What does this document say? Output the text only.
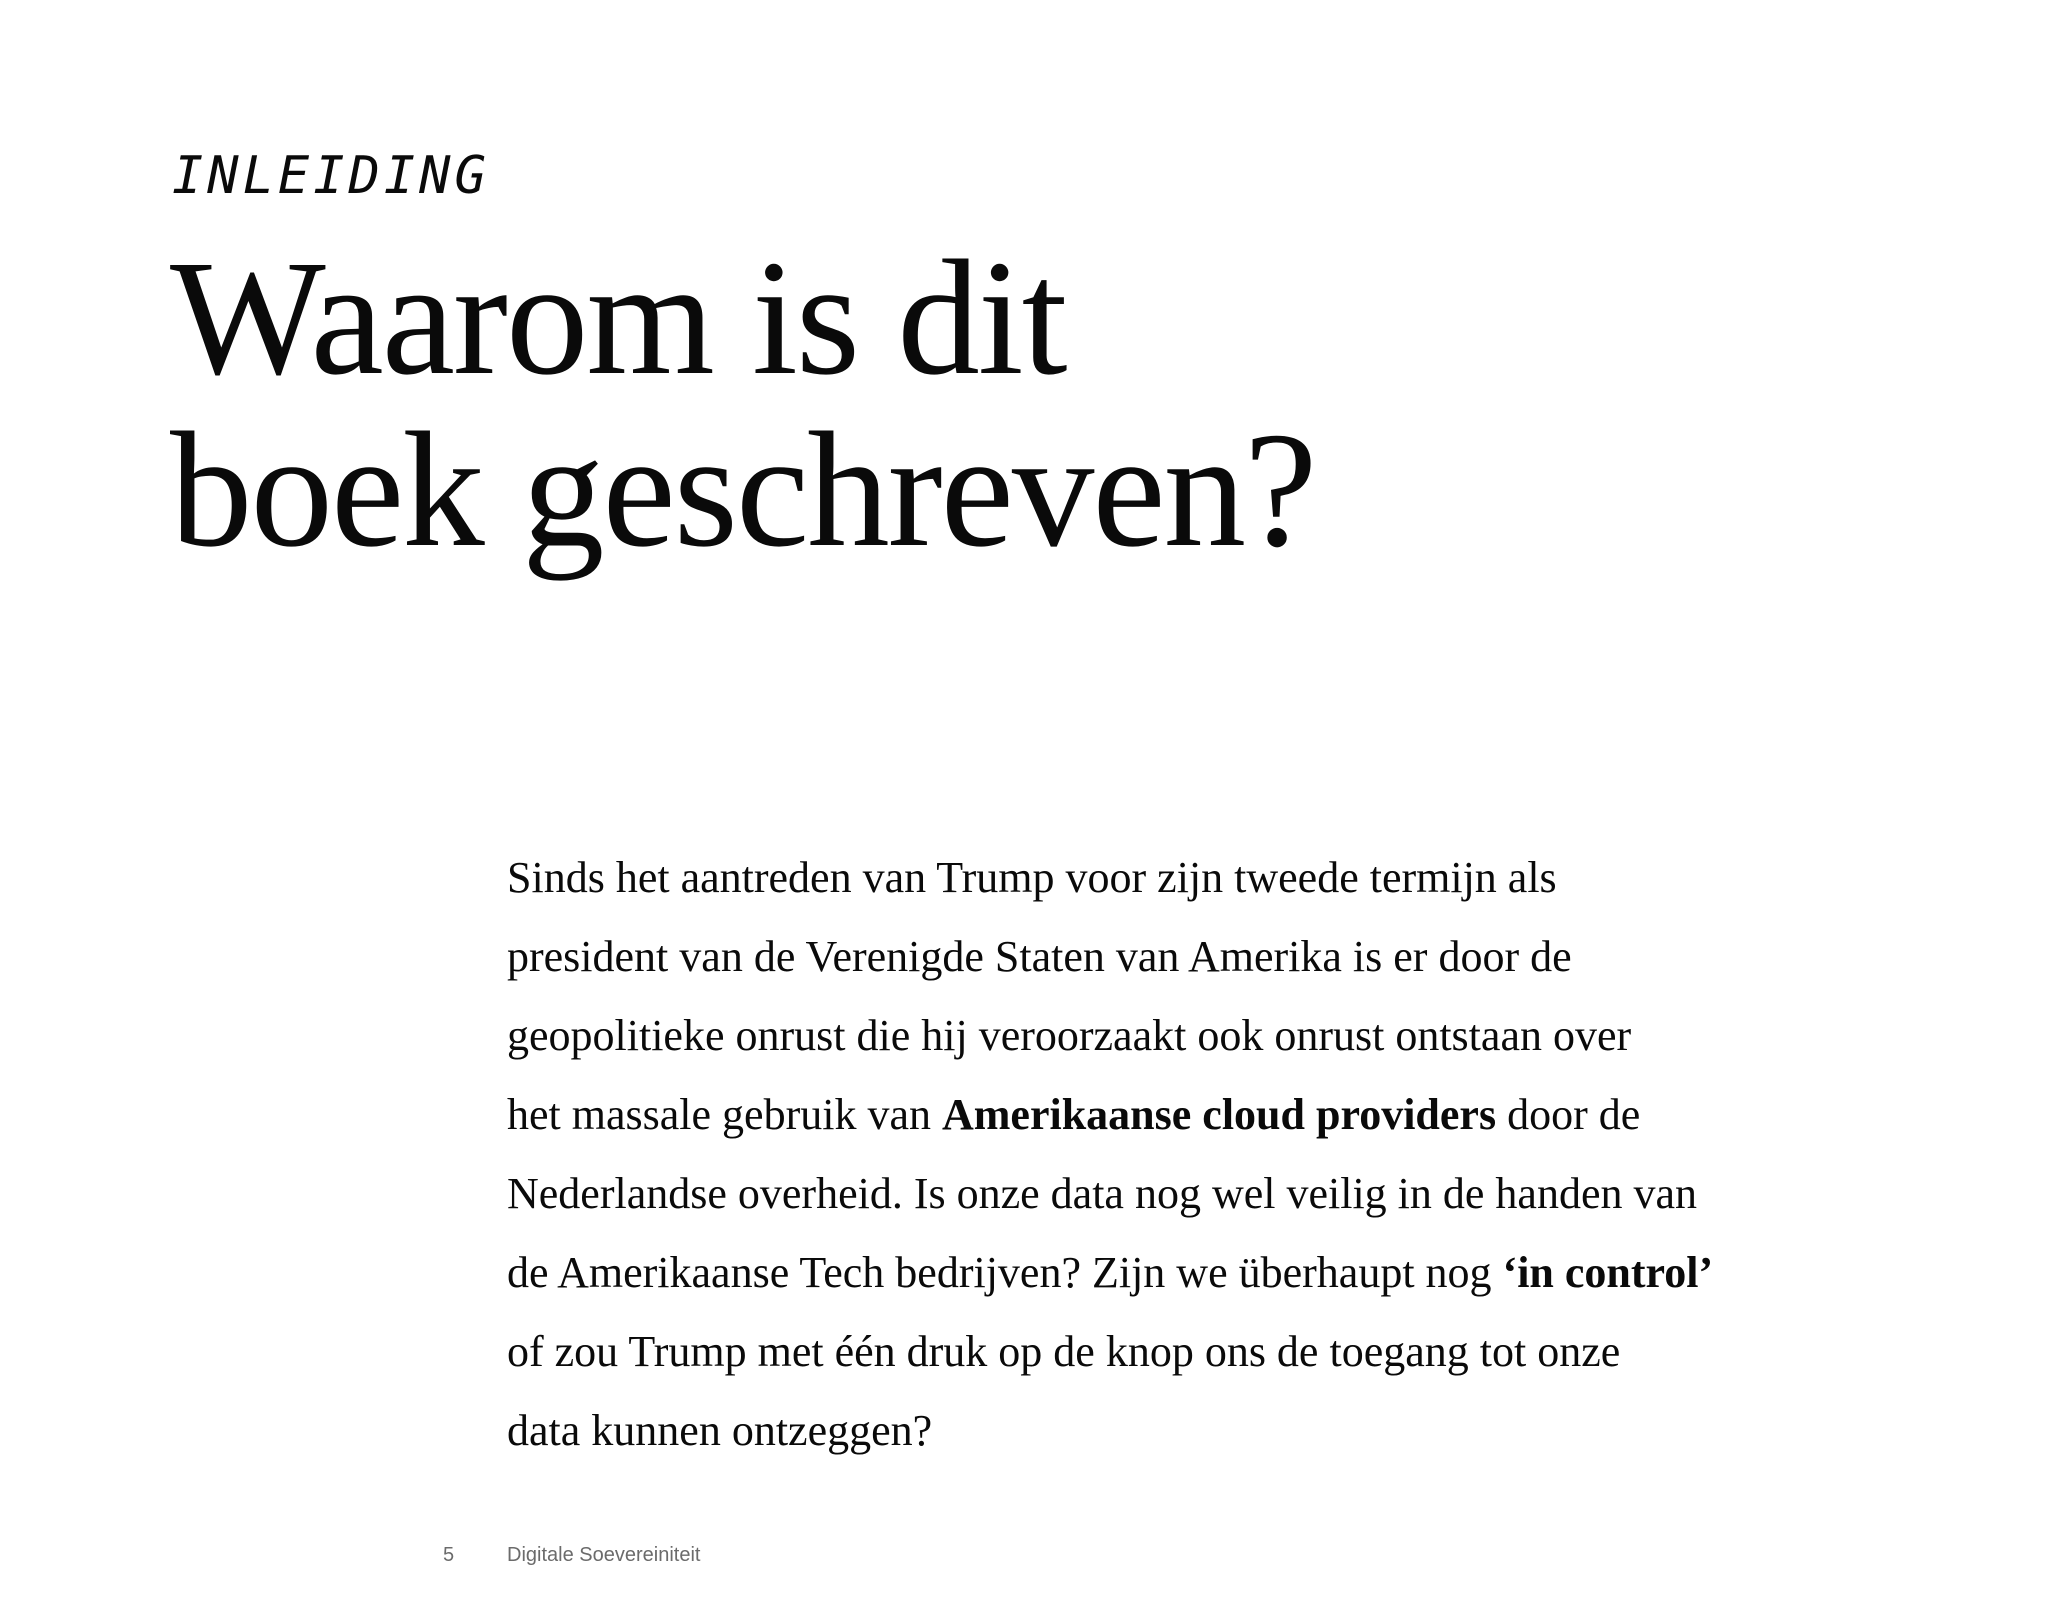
INLEIDING
Waarom is dit
boek geschreven?

Sinds het aantreden van Trump voor zijn tweede termijn als
president van de Verenigde Staten van Amerika is er door de
geopolitieke onrust die hij veroorzaakt ook onrust ontstaan over
het massale gebruik van Amerikaanse cloud providers door de
Nederlandse overheid. Is onze data nog wel veilig in de handen van
de Amerikaanse Tech bedrijven? Zijn we überhaupt nog ‘in control’
of zou Trump met één druk op de knop ons de toegang tot onze
data kunnen ontzeggen?

5	Digitale Soevereiniteit
